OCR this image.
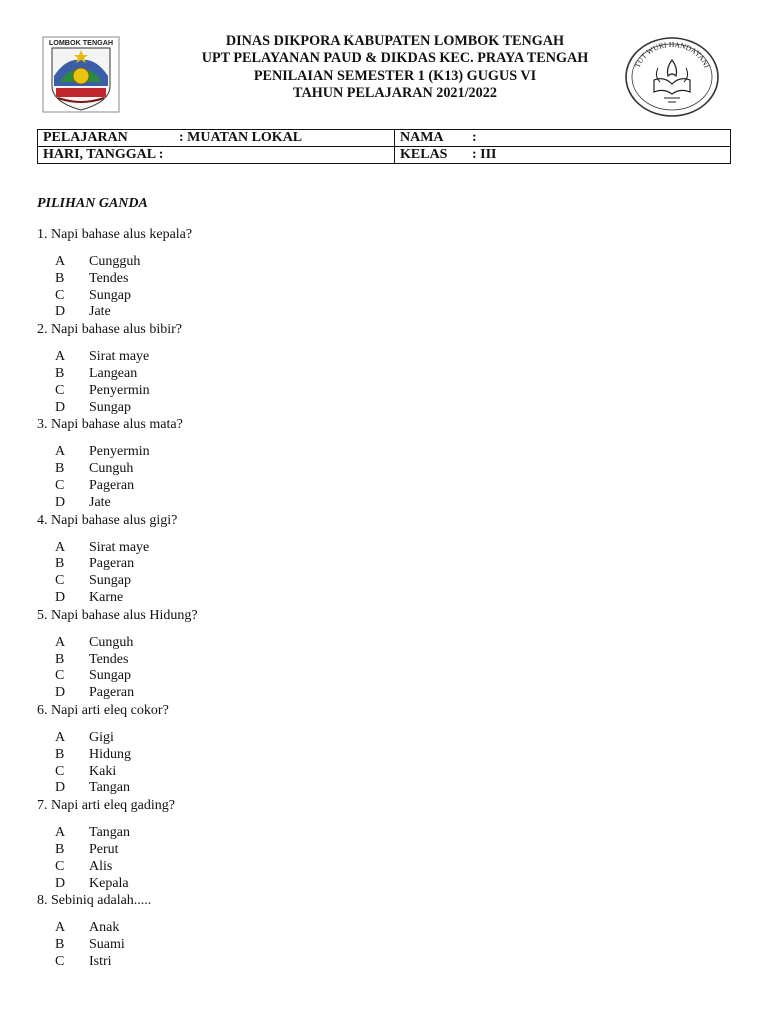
LOMBOK TENGAH	DINAS DIKPORA KABUPATEN LOMBOK TENGAH
UPT PELAYANAN PAUD & DIKDAS KEC. PRAYA TENGAH
PENILAIAN SEMESTER 1 (K13) GUGUS VI
TAHUN PELAJARAN 2021/2022
TUT WURI HANDAYANI
PELAJARAN : MUATAN LOKAL	NAMA :
HARI, TANGGAL :	KELAS : III
PILIHAN GANDA
1. Napi bahase alus kepala?
A Cungguh
B Tendes
C Sungap
D Jate
2. Napi bahase alus bibir?
A Sirat maye
B Langean
C Penyermin
D Sungap
3. Napi bahase alus mata?
A Penyermin
B Cunguh
C Pageran
D Jate
4. Napi bahase alus gigi?
A Sirat maye
B Pageran
C Sungap
D Karne
5. Napi bahase alus Hidung?
A Cunguh
B Tendes
C Sungap
D Pageran
6. Napi arti eleq cokor?
A Gigi
B Hidung
C Kaki
D Tangan
7. Napi arti eleq gading?
A Tangan
B Perut
C Alis
D Kepala
8. Sebiniq adalah.....
A Anak
B Suami
C Istri
